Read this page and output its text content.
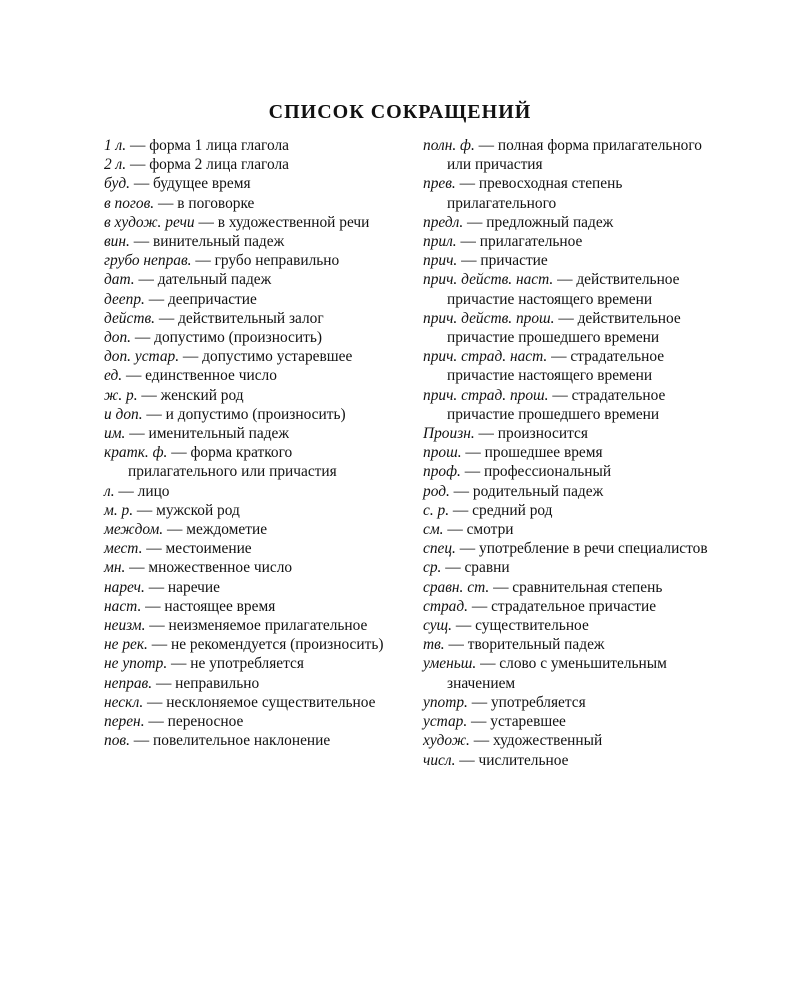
СПИСОК СОКРАЩЕНИЙ
1 л. — форма 1 лица глагола
2 л. — форма 2 лица глагола
буд. — будущее время
в погов. — в поговорке
в худож. речи — в художественной речи
вин. — винительный падеж
грубо неправ. — грубо неправильно
дат. — дательный падеж
деепр. — деепричастие
действ. — действительный залог
доп. — допустимо (произносить)
доп. устар. — допустимо устаревшее
ед. — единственное число
ж. р. — женский род
и доп. — и допустимо (произносить)
им. — именительный падеж
кратк. ф. — форма краткого прилагательного или причастия
л. — лицо
м. р. — мужской род
междом. — междометие
мест. — местоимение
мн. — множественное число
нареч. — наречие
наст. — настоящее время
неизм. — неизменяемое прилагательное
не рек. — не рекомендуется (произносить)
не употр. — не употребляется
неправ. — неправильно
нескл. — несклоняемое существительное
перен. — переносное
пов. — повелительное наклонение
полн. ф. — полная форма прилагательного или причастия
прев. — превосходная степень прилагательного
предл. — предложный падеж
прил. — прилагательное
прич. — причастие
прич. действ. наст. — действительное причастие настоящего времени
прич. действ. прош. — действительное причастие прошедшего времени
прич. страд. наст. — страдательное причастие настоящего времени
прич. страд. прош. — страдательное причастие прошедшего времени
Произн. — произносится
прош. — прошедшее время
проф. — профессиональный
род. — родительный падеж
с. р. — средний род
см. — смотри
спец. — употребление в речи специалистов
ср. — сравни
сравн. ст. — сравнительная степень
страд. — страдательное причастие
сущ. — существительное
тв. — творительный падеж
уменьш. — слово с уменьшительным значением
употр. — употребляется
устар. — устаревшее
худож. — художественный
числ. — числительное
